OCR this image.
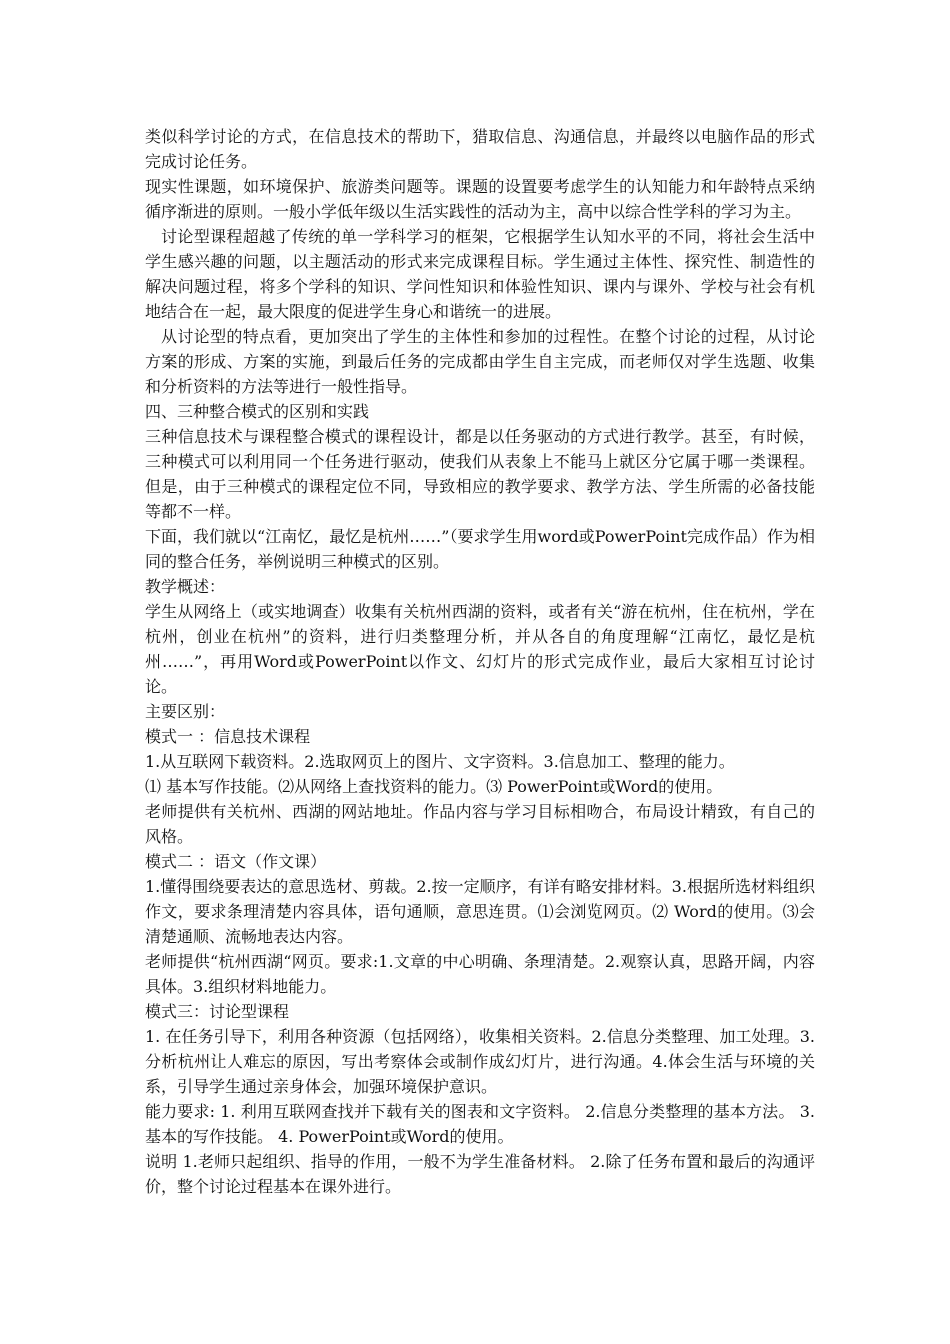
类似科学讨论的方式，在信息技术的帮助下，猎取信息、沟通信息，并最终以电脑作品的形式完成讨论任务。

现实性课题，如环境保护、旅游类问题等。课题的设置要考虑学生的认知能力和年龄特点采纳循序渐进的原则。一般小学低年级以生活实践性的活动为主，高中以综合性学科的学习为主。

讨论型课程超越了传统的单一学科学习的框架，它根据学生认知水平的不同，将社会生活中学生感兴趣的问题，以主题活动的形式来完成课程目标。学生通过主体性、探究性、制造性的解决问题过程，将多个学科的知识、学问性知识和体验性知识、课内与课外、学校与社会有机地结合在一起，最大限度的促进学生身心和谐统一的进展。

从讨论型的特点看，更加突出了学生的主体性和参加的过程性。在整个讨论的过程，从讨论方案的形成、方案的实施，到最后任务的完成都由学生自主完成，而老师仅对学生选题、收集和分析资料的方法等进行一般性指导。

四、三种整合模式的区别和实践

三种信息技术与课程整合模式的课程设计，都是以任务驱动的方式进行教学。甚至，有时候，三种模式可以利用同一个任务进行驱动，使我们从表象上不能马上就区分它属于哪一类课程。但是，由于三种模式的课程定位不同，导致相应的教学要求、教学方法、学生所需的必备技能等都不一样。

下面，我们就以“江南忆，最忆是杭州……”（要求学生用word或PowerPoint完成作品）作为相同的整合任务，举例说明三种模式的区别。

教学概述：

学生从网络上（或实地调查）收集有关杭州西湖的资料，或者有关“游在杭州，住在杭州，学在杭州，创业在杭州”的资料，进行归类整理分析，并从各自的角度理解“江南忆，最忆是杭州……”，再用Word或PowerPoint以作文、幻灯片的形式完成作业，最后大家相互讨论讨论。

主要区别：

模式一 ：信息技术课程

1.从互联网下载资料。2.选取网页上的图片、文字资料。3.信息加工、整理的能力。

⑴ 基本写作技能。⑵从网络上查找资料的能力。⑶ PowerPoint或Word的使用。

老师提供有关杭州、西湖的网站地址。作品内容与学习目标相吻合，布局设计精致，有自己的风格。

模式二 ：语文（作文课）

1.懂得围绕要表达的意思选材、剪裁。2.按一定顺序，有详有略安排材料。3.根据所选材料组织作文，要求条理清楚内容具体，语句通顺，意思连贯。⑴会浏览网页。⑵ Word的使用。⑶会清楚通顺、流畅地表达内容。

老师提供“杭州西湖“网页。要求:1.文章的中心明确、条理清楚。2.观察认真，思路开阔，内容具体。3.组织材料地能力。

模式三：讨论型课程

1. 在任务引导下，利用各种资源（包括网络），收集相关资料。2.信息分类整理、加工处理。3.分析杭州让人难忘的原因，写出考察体会或制作成幻灯片，进行沟通。4.体会生活与环境的关系，引导学生通过亲身体会，加强环境保护意识。

能力要求: 1. 利用互联网查找并下载有关的图表和文字资料。 2.信息分类整理的基本方法。 3.基本的写作技能。 4. PowerPoint或Word的使用。

说明 1.老师只起组织、指导的作用，一般不为学生准备材料。 2.除了任务布置和最后的沟通评价，整个讨论过程基本在课外进行。
